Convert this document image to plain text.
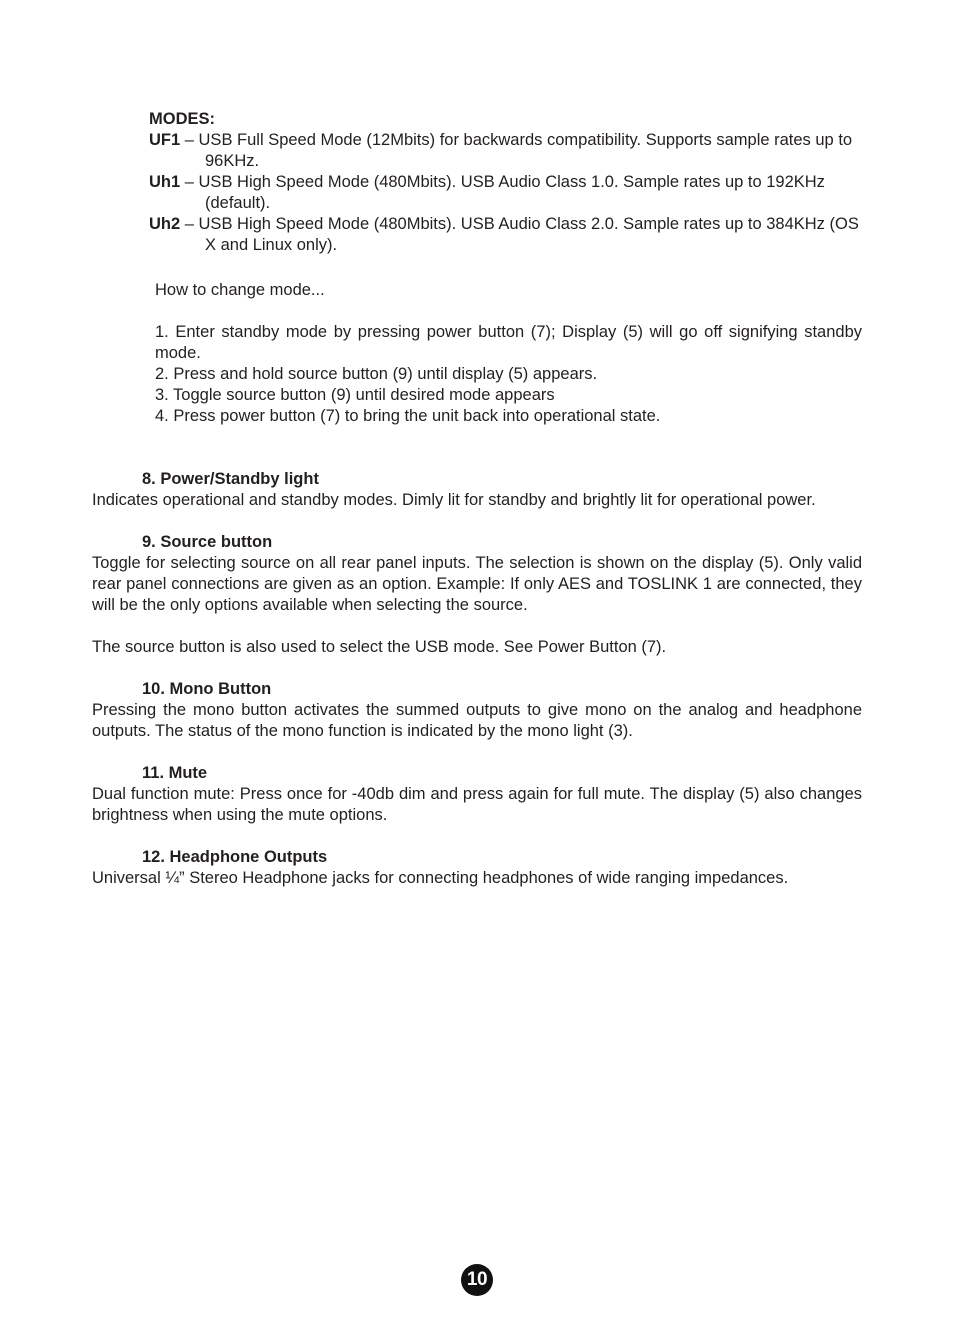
MODES:

UF1 – USB Full Speed Mode (12Mbits) for backwards compatibility. Supports sample rates up to 96KHz.

Uh1 – USB High Speed Mode (480Mbits). USB Audio Class 1.0. Sample rates up to 192KHz (default).

Uh2 – USB High Speed Mode (480Mbits). USB Audio Class 2.0. Sample rates up to 384KHz (OS X and Linux only).

How to change mode...

1. Enter standby mode by pressing power button (7); Display (5) will go off signifying standby mode.

2. Press and hold source button (9) until display (5) appears.

3. Toggle source button (9) until desired mode appears

4. Press power button (7) to bring the unit back into operational state.

8. Power/Standby light

Indicates operational and standby modes. Dimly lit for standby and brightly lit for operational power.

9. Source button

Toggle for selecting source on all rear panel inputs. The selection is shown on the display (5). Only valid rear panel connections are given as an option. Example: If only AES and TOSLINK 1 are connected, they will be the only options available when selecting the source.

The source button is also used to select the USB mode. See Power Button (7).

10. Mono Button

Pressing the mono button activates the summed outputs to give mono on the analog and headphone outputs. The status of the mono function is indicated by the mono light (3).

11. Mute

Dual function mute: Press once for -40db dim and press again for full mute. The display (5) also changes brightness when using the mute options.

12. Headphone Outputs

Universal ¼” Stereo Headphone jacks for connecting headphones of wide ranging impedances.

10
